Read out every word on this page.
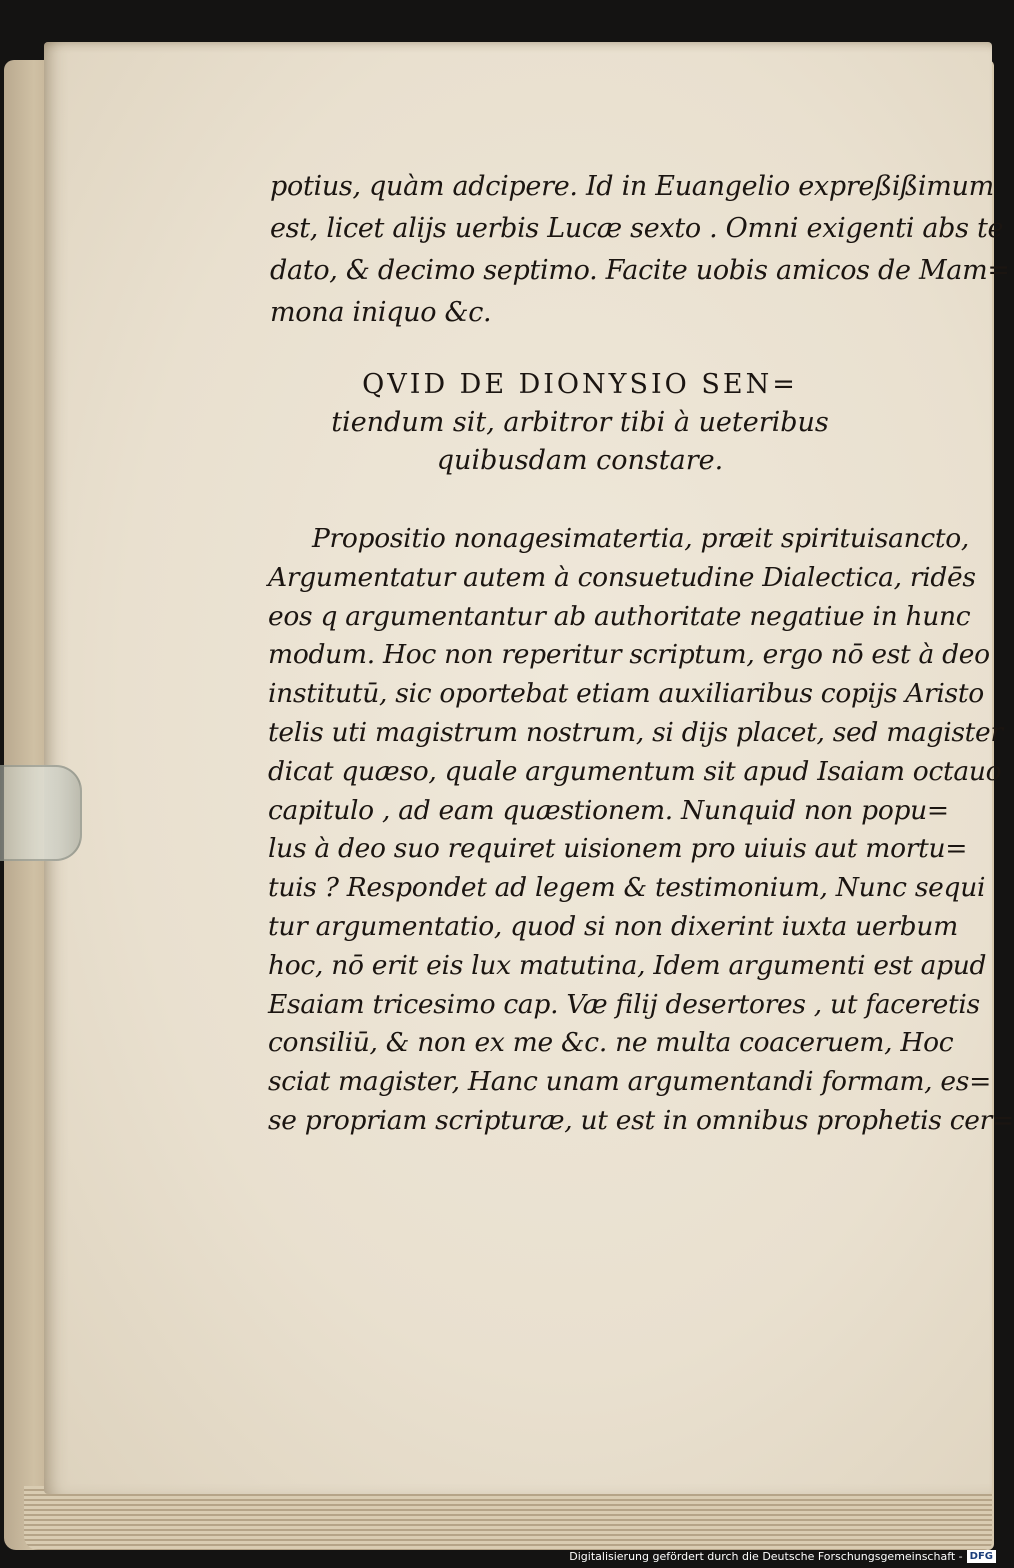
potius, quàm adcipere. Id in Euangelio expreßißimum
est, licet alijs uerbis Lucæ sexto . Omni exigenti abs te
dato, & decimo septimo. Facite uobis amicos de Mam=
mona iniquo &c.
QVID DE DIONYSIO SEN=
tiendum sit, arbitror tibi à ueteribus
quibusdam constare.
Propositio nonagesimatertia, præit spirituisancto,
Argumentatur autem à consuetudine Dialectica, ridēs
eos q argumentantur ab authoritate negatiue in hunc
modum. Hoc non reperitur scriptum, ergo nō est à deo
institutū, sic oportebat etiam auxiliaribus copijs Aristo
telis uti magistrum nostrum, si dijs placet, sed magister
dicat quæso, quale argumentum sit apud Isaiam octauo
capitulo , ad eam quæstionem. Nunquid non popu=
lus à deo suo requiret uisionem pro uiuis aut mortu=
tuis ? Respondet ad legem & testimonium, Nunc sequi
tur argumentatio, quod si non dixerint iuxta uerbum
hoc, nō erit eis lux matutina, Idem argumenti est apud
Esaiam tricesimo cap. Væ filij desertores , ut faceretis
consiliū, & non ex me &c. ne multa coaceruem, Hoc
sciat magister, Hanc unam argumentandi formam, es=
se propriam scripturæ, ut est in omnibus prophetis cer=
Digitalisierung gefördert durch die Deutsche Forschungsgemeinschaft - DFG
